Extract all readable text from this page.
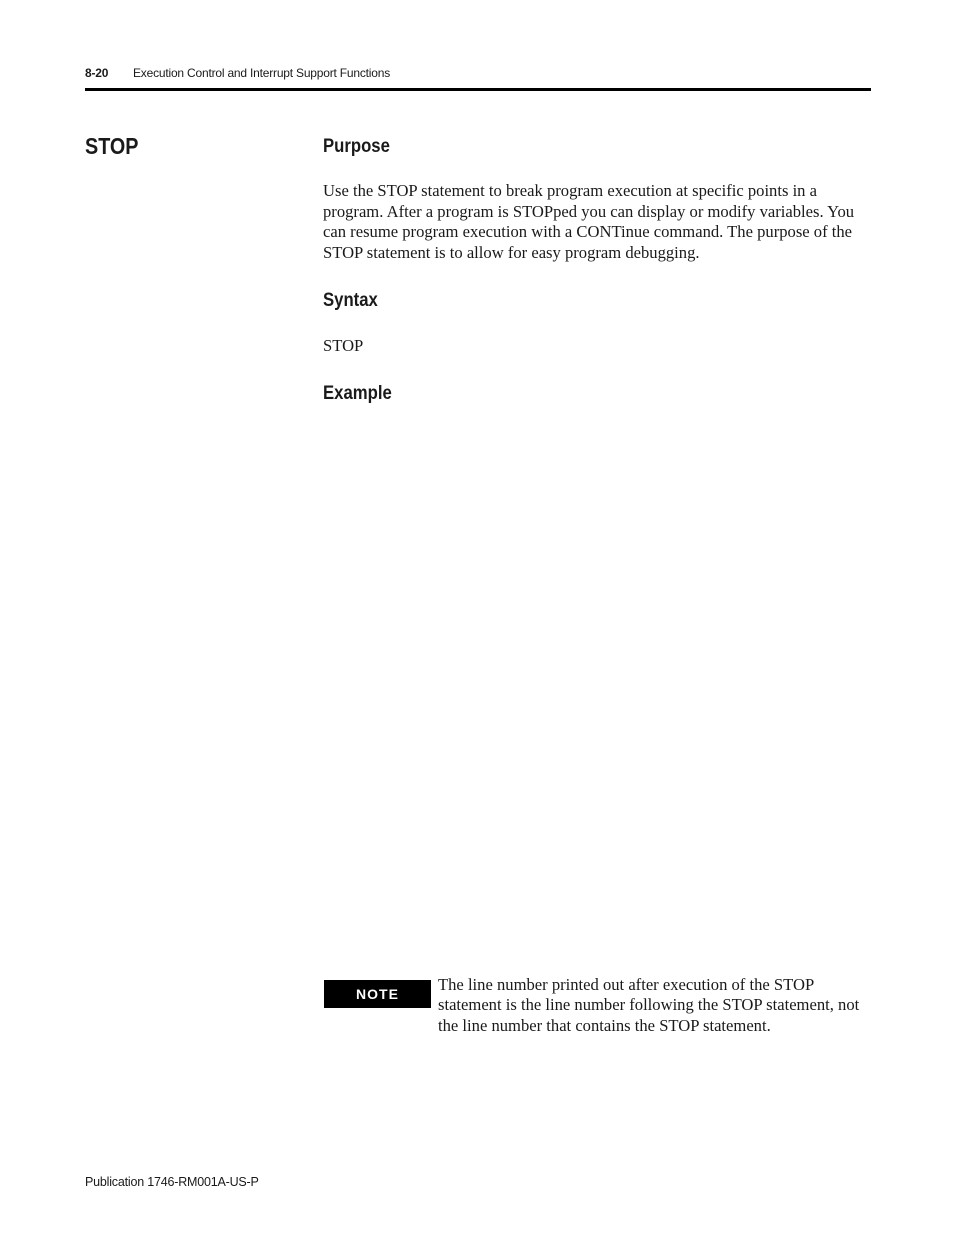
8-20 Execution Control and Interrupt Support Functions
STOP	Purpose
Use the STOP statement to break program execution at specific points in a program. After a program is STOPped you can display or modify variables. You can resume program execution with a CONTinue command. The purpose of the STOP statement is to allow for easy program debugging.
Syntax
STOP
Example
NOTE	The line number printed out after execution of the STOP statement is the line number following the STOP statement, not the line number that contains the STOP statement.
Publication 1746-RM001A-US-P
